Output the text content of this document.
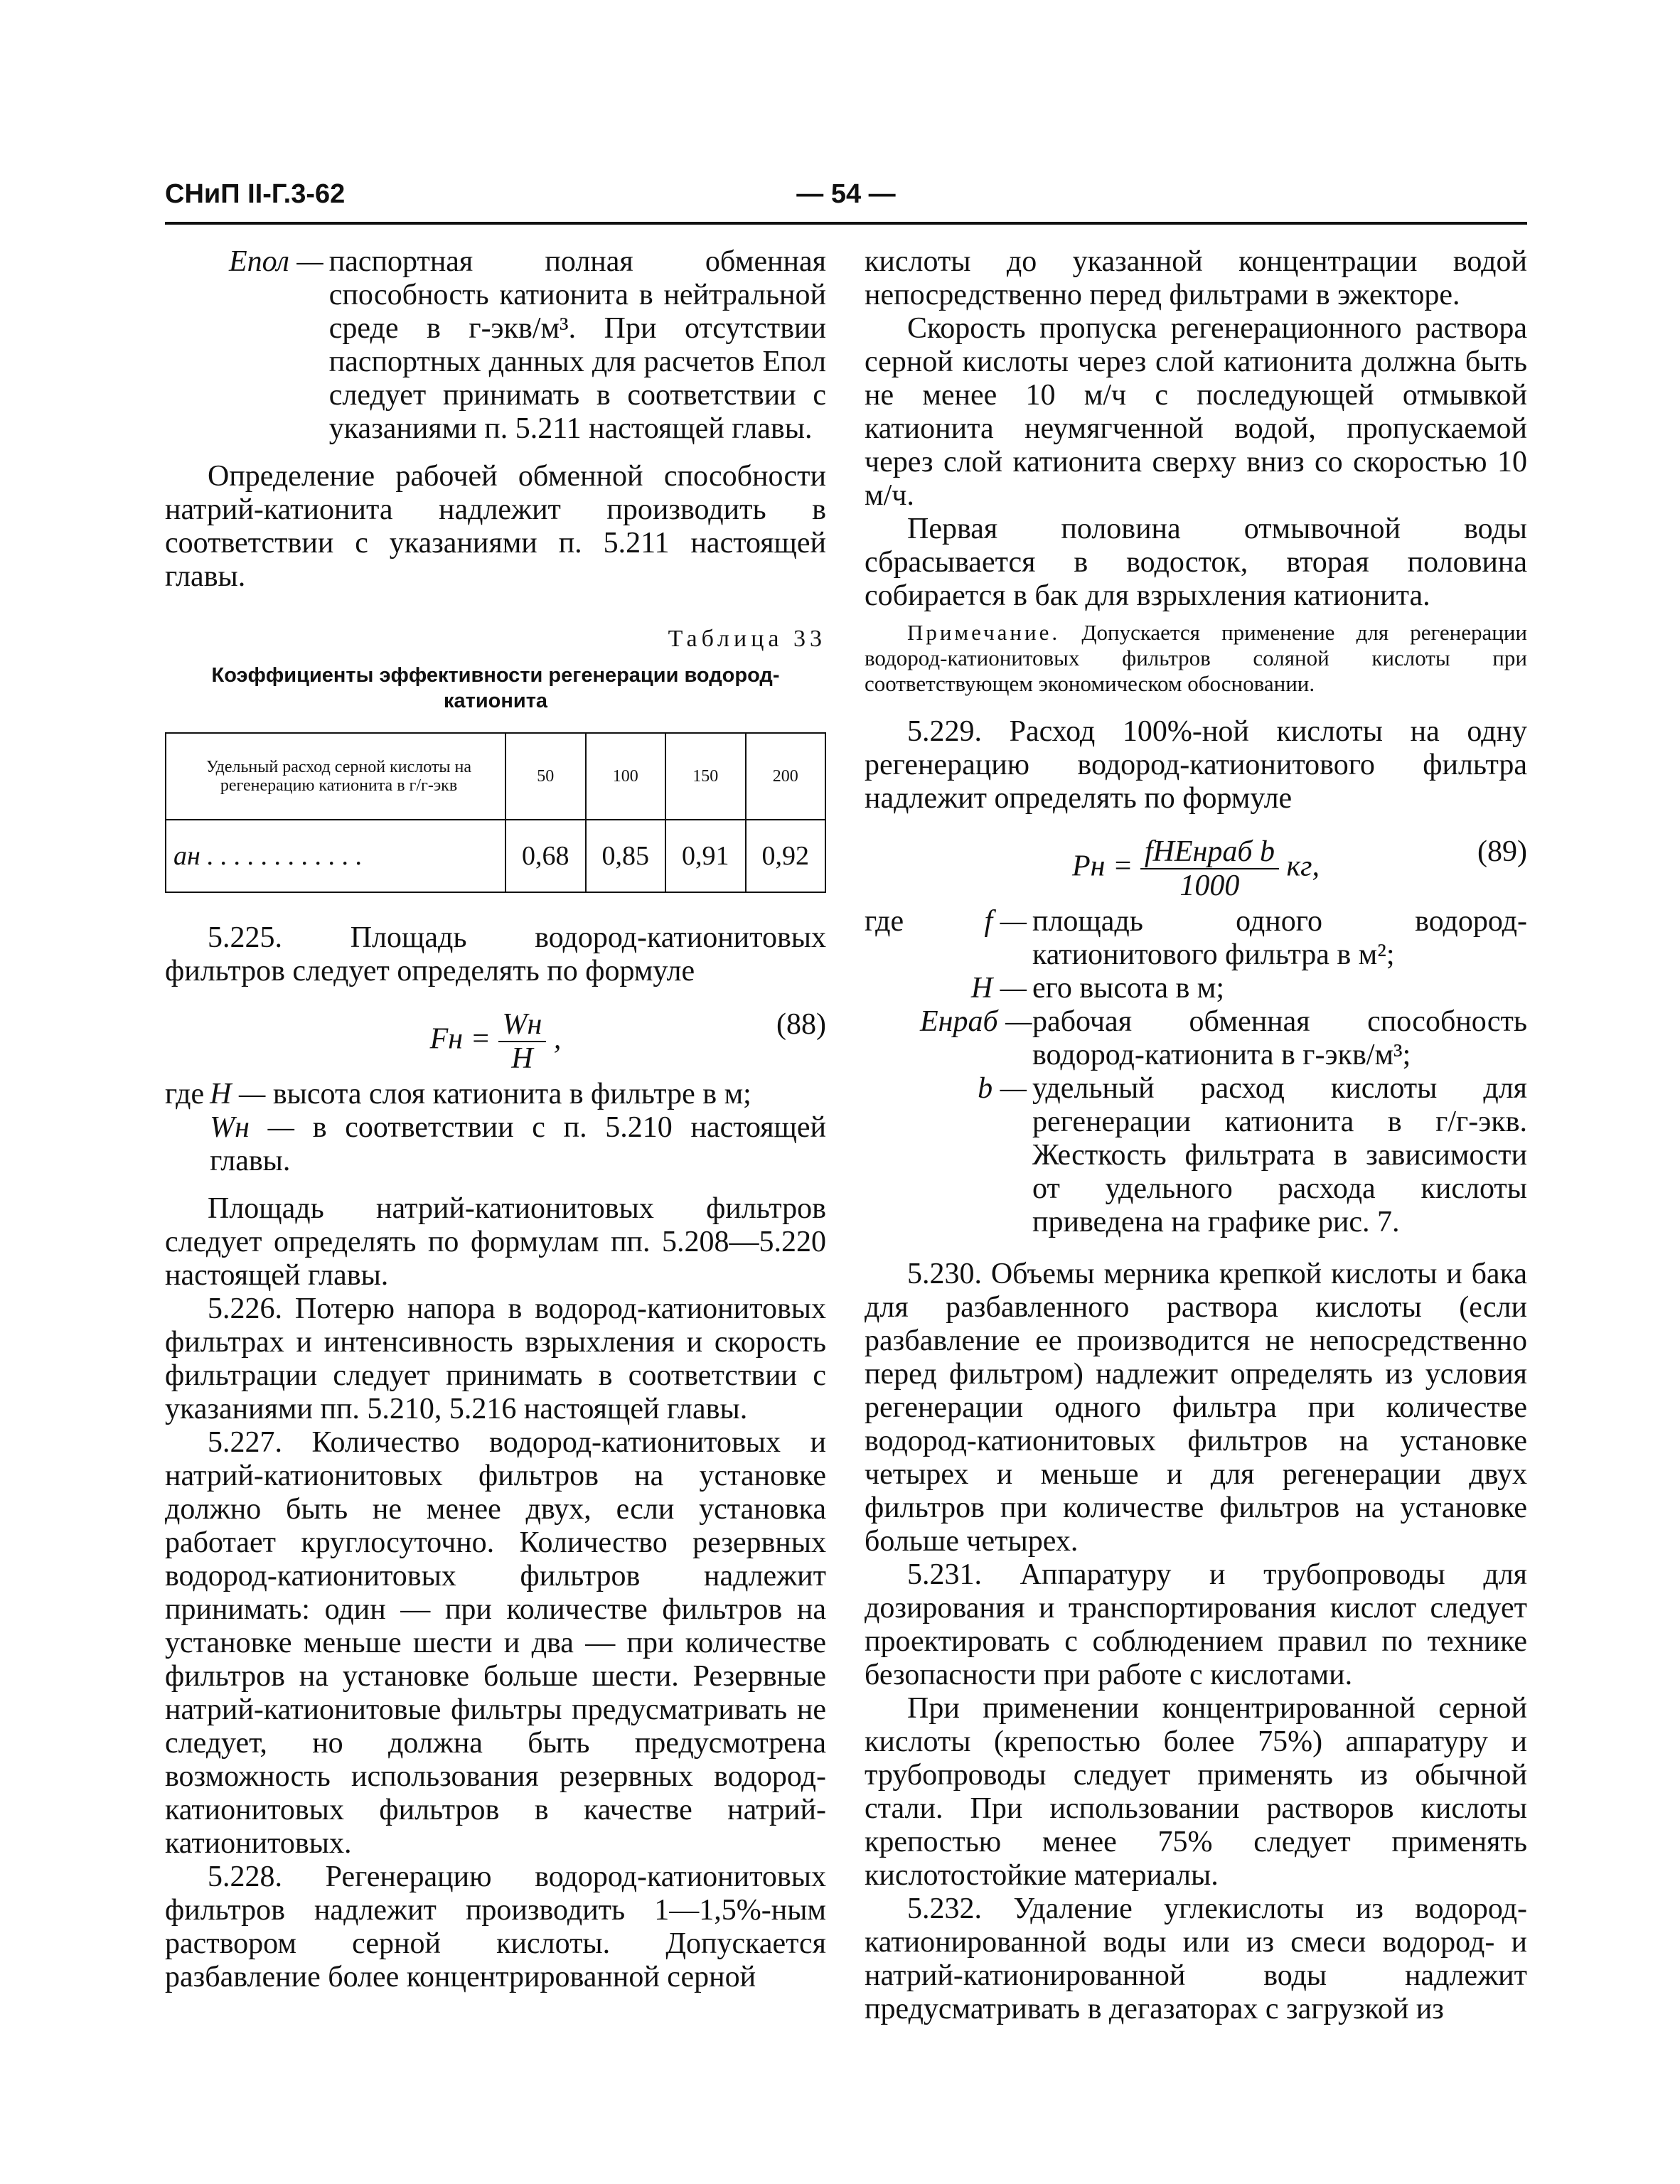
— 54 —
СНиП II-Г.3-62
Eпол — паспортная полная обменная способность катионита в нейтральной среде в г-экв/м³. При отсутствии паспортных данных для расчетов Eпол следует принимать в соответствии с указаниями п. 5.211 настоящей главы.

Определение рабочей обменной способности натрий-катионита надлежит производить в соответствии с указаниями п. 5.211 настоящей главы.

Таблица 33
Коэффициенты эффективности регенерации водород-катионита
Удельный расход серной кислоты на регенерацию катионита в г/г-экв	50	100	150	200
aн . . . . . . . . . . . .	0,68	0,85	0,91	0,92

5.225. Площадь водород-катионитовых фильтров следует определять по формуле

Fн = $\frac{Wн}{H}$ ,	(88)
где H — высота слоя катионита в фильтре в м;
Wн — в соответствии с п. 5.210 настоящей главы.

Площадь натрий-катионитовых фильтров следует определять по формулам пп. 5.208—5.220 настоящей главы.

5.226. Потерю напора в водород-катионитовых фильтрах и интенсивность взрыхления и скорость фильтрации следует принимать в соответствии с указаниями пп. 5.210, 5.216 настоящей главы.

5.227. Количество водород-катионитовых и натрий-катионитовых фильтров на установке должно быть не менее двух, если установка работает круглосуточно. Количество резервных водород-катионитовых фильтров надлежит принимать: один — при количестве фильтров на установке меньше шести и два — при количестве фильтров на установке больше шести. Резервные натрий-катионитовые фильтры предусматривать не следует, но должна быть предусмотрена возможность использования резервных водород-катионитовых фильтров в качестве натрий-катионитовых.

5.228. Регенерацию водород-катионитовых фильтров надлежит производить 1—1,5%-ным раствором серной кислоты. Допускается разбавление более концентрированной серной

кислоты до указанной концентрации водой непосредственно перед фильтрами в эжекторе.

Скорость пропуска регенерационного раствора серной кислоты через слой катионита должна быть не менее 10 м/ч с последующей отмывкой катионита неумягченной водой, пропускаемой через слой катионита сверху вниз со скоростью 10 м/ч.

Первая половина отмывочной воды сбрасывается в водосток, вторая половина собирается в бак для взрыхления катионита.

Примечание. Допускается применение для регенерации водород-катионитовых фильтров соляной кислоты при соответствующем экономическом обосновании.

5.229. Расход 100%-ной кислоты на одну регенерацию водород-катионитового фильтра надлежит определять по формуле

Pн = $\frac{\text{fHEнраб b}}{1000}$ кг,	(89)
где	f — площадь одного водород-катионитового фильтра в м²;
H — его высота в м;
Eнраб — рабочая обменная способность водород-катионита в г-экв/м³;
b — удельный расход кислоты для регенерации катионита в г/г-экв. Жесткость фильтрата в зависимости от удельного расхода кислоты приведена на графике рис. 7.

5.230. Объемы мерника крепкой кислоты и бака для разбавленного раствора кислоты (если разбавление ее производится не непосредственно перед фильтром) надлежит определять из условия регенерации одного фильтра при количестве водород-катионитовых фильтров на установке четырех и меньше и для регенерации двух фильтров при количестве фильтров на установке больше четырех.

5.231. Аппаратуру и трубопроводы для дозирования и транспортирования кислот следует проектировать с соблюдением правил по технике безопасности при работе с кислотами.

При применении концентрированной серной кислоты (крепостью более 75%) аппаратуру и трубопроводы следует применять из обычной стали. При использовании растворов кислоты крепостью менее 75% следует применять кислотостойкие материалы.

5.232. Удаление углекислоты из водород-катионированной воды или из смеси водород- и натрий-катионированной воды надлежит предусматривать в дегазаторах с загрузкой из
